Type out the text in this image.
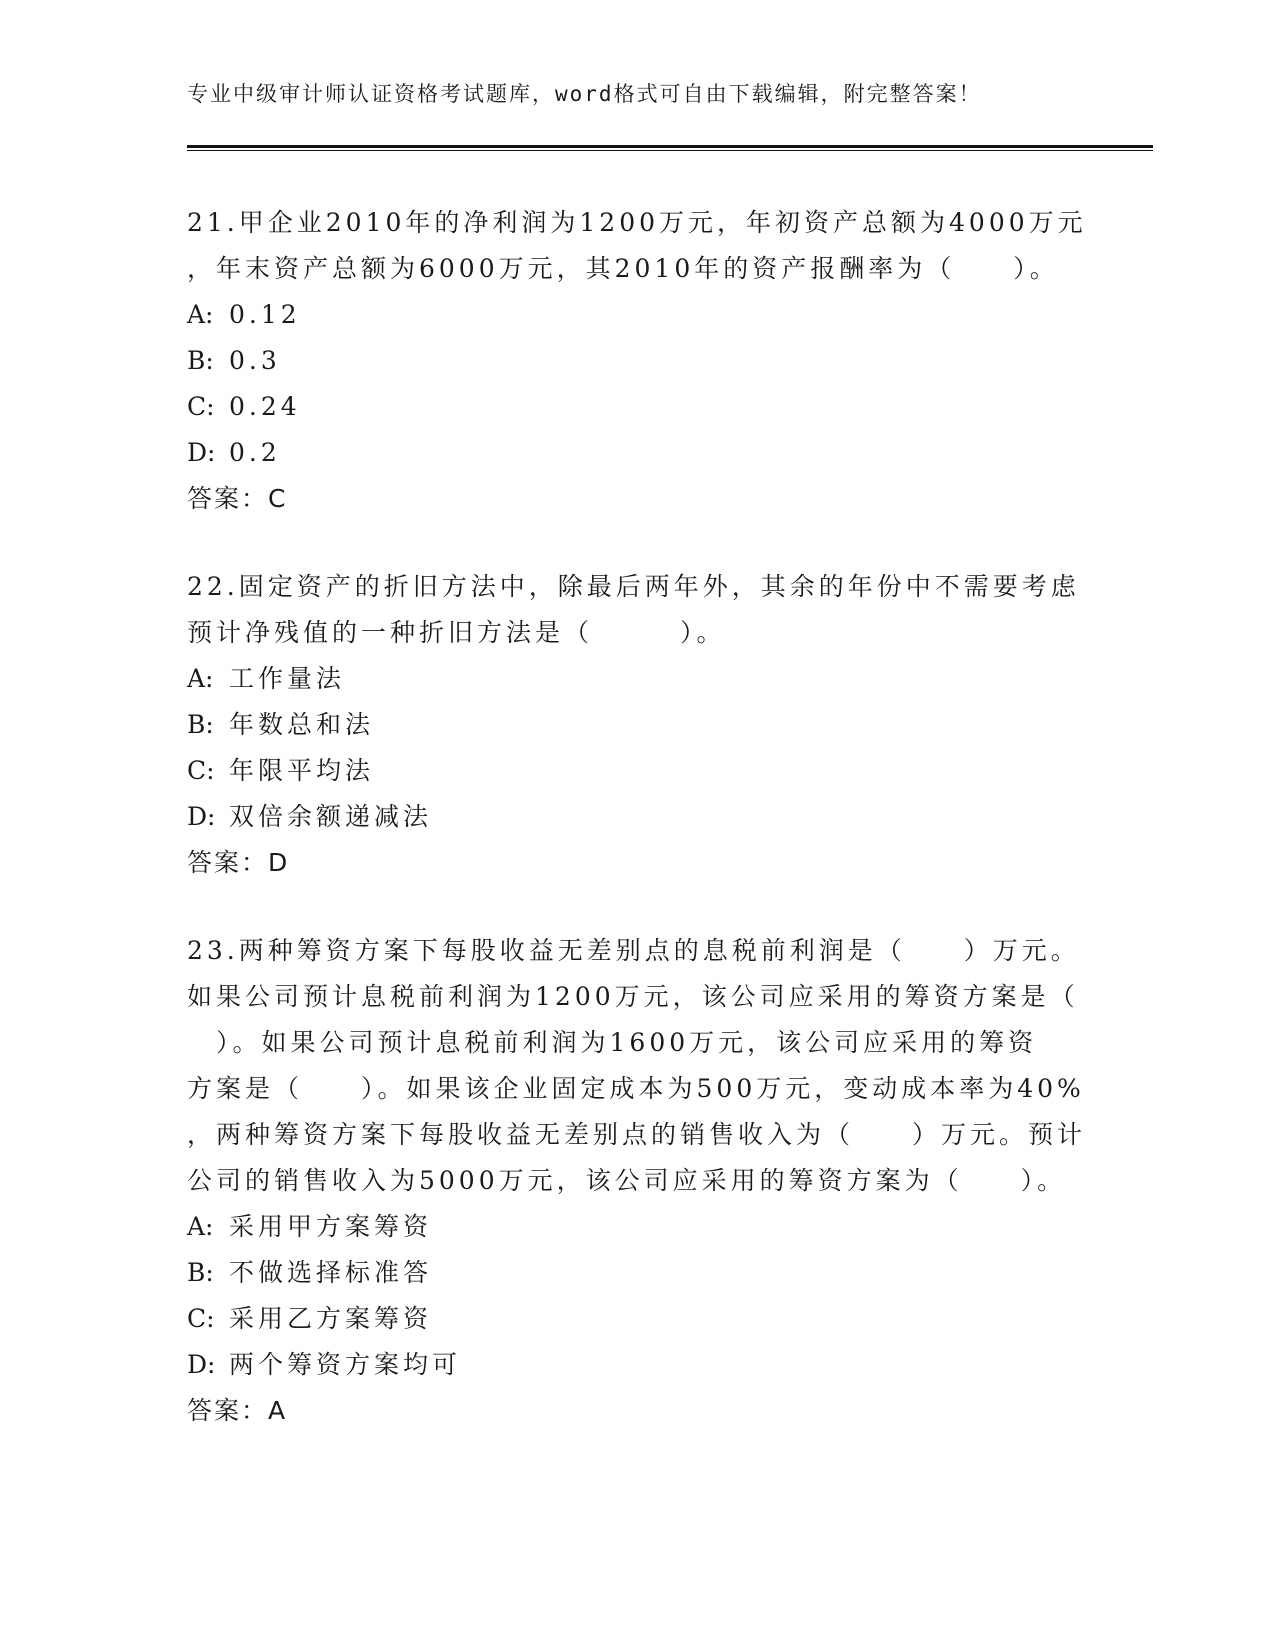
专业中级审计师认证资格考试题库，word格式可自由下载编辑，附完整答案！
21.甲企业2010年的净利润为1200万元，年初资产总额为4000万元
，年末资产总额为6000万元，其2010年的资产报酬率为（　　）。
A: 0.12
B: 0.3
C: 0.24
D: 0.2
答案：C
22.固定资产的折旧方法中，除最后两年外，其余的年份中不需要考虑
预计净残值的一种折旧方法是（　　　）。
A: 工作量法
B: 年数总和法
C: 年限平均法
D: 双倍余额递减法
答案：D
23.两种筹资方案下每股收益无差别点的息税前利润是（　　）万元。
如果公司预计息税前利润为1200万元，该公司应采用的筹资方案是（
　）。如果公司预计息税前利润为1600万元，该公司应采用的筹资
方案是（　　）。如果该企业固定成本为500万元，变动成本率为40%
，两种筹资方案下每股收益无差别点的销售收入为（　　）万元。预计
公司的销售收入为5000万元，该公司应采用的筹资方案为（　　）。
A: 采用甲方案筹资
B: 不做选择标准答
C: 采用乙方案筹资
D: 两个筹资方案均可
答案：A
